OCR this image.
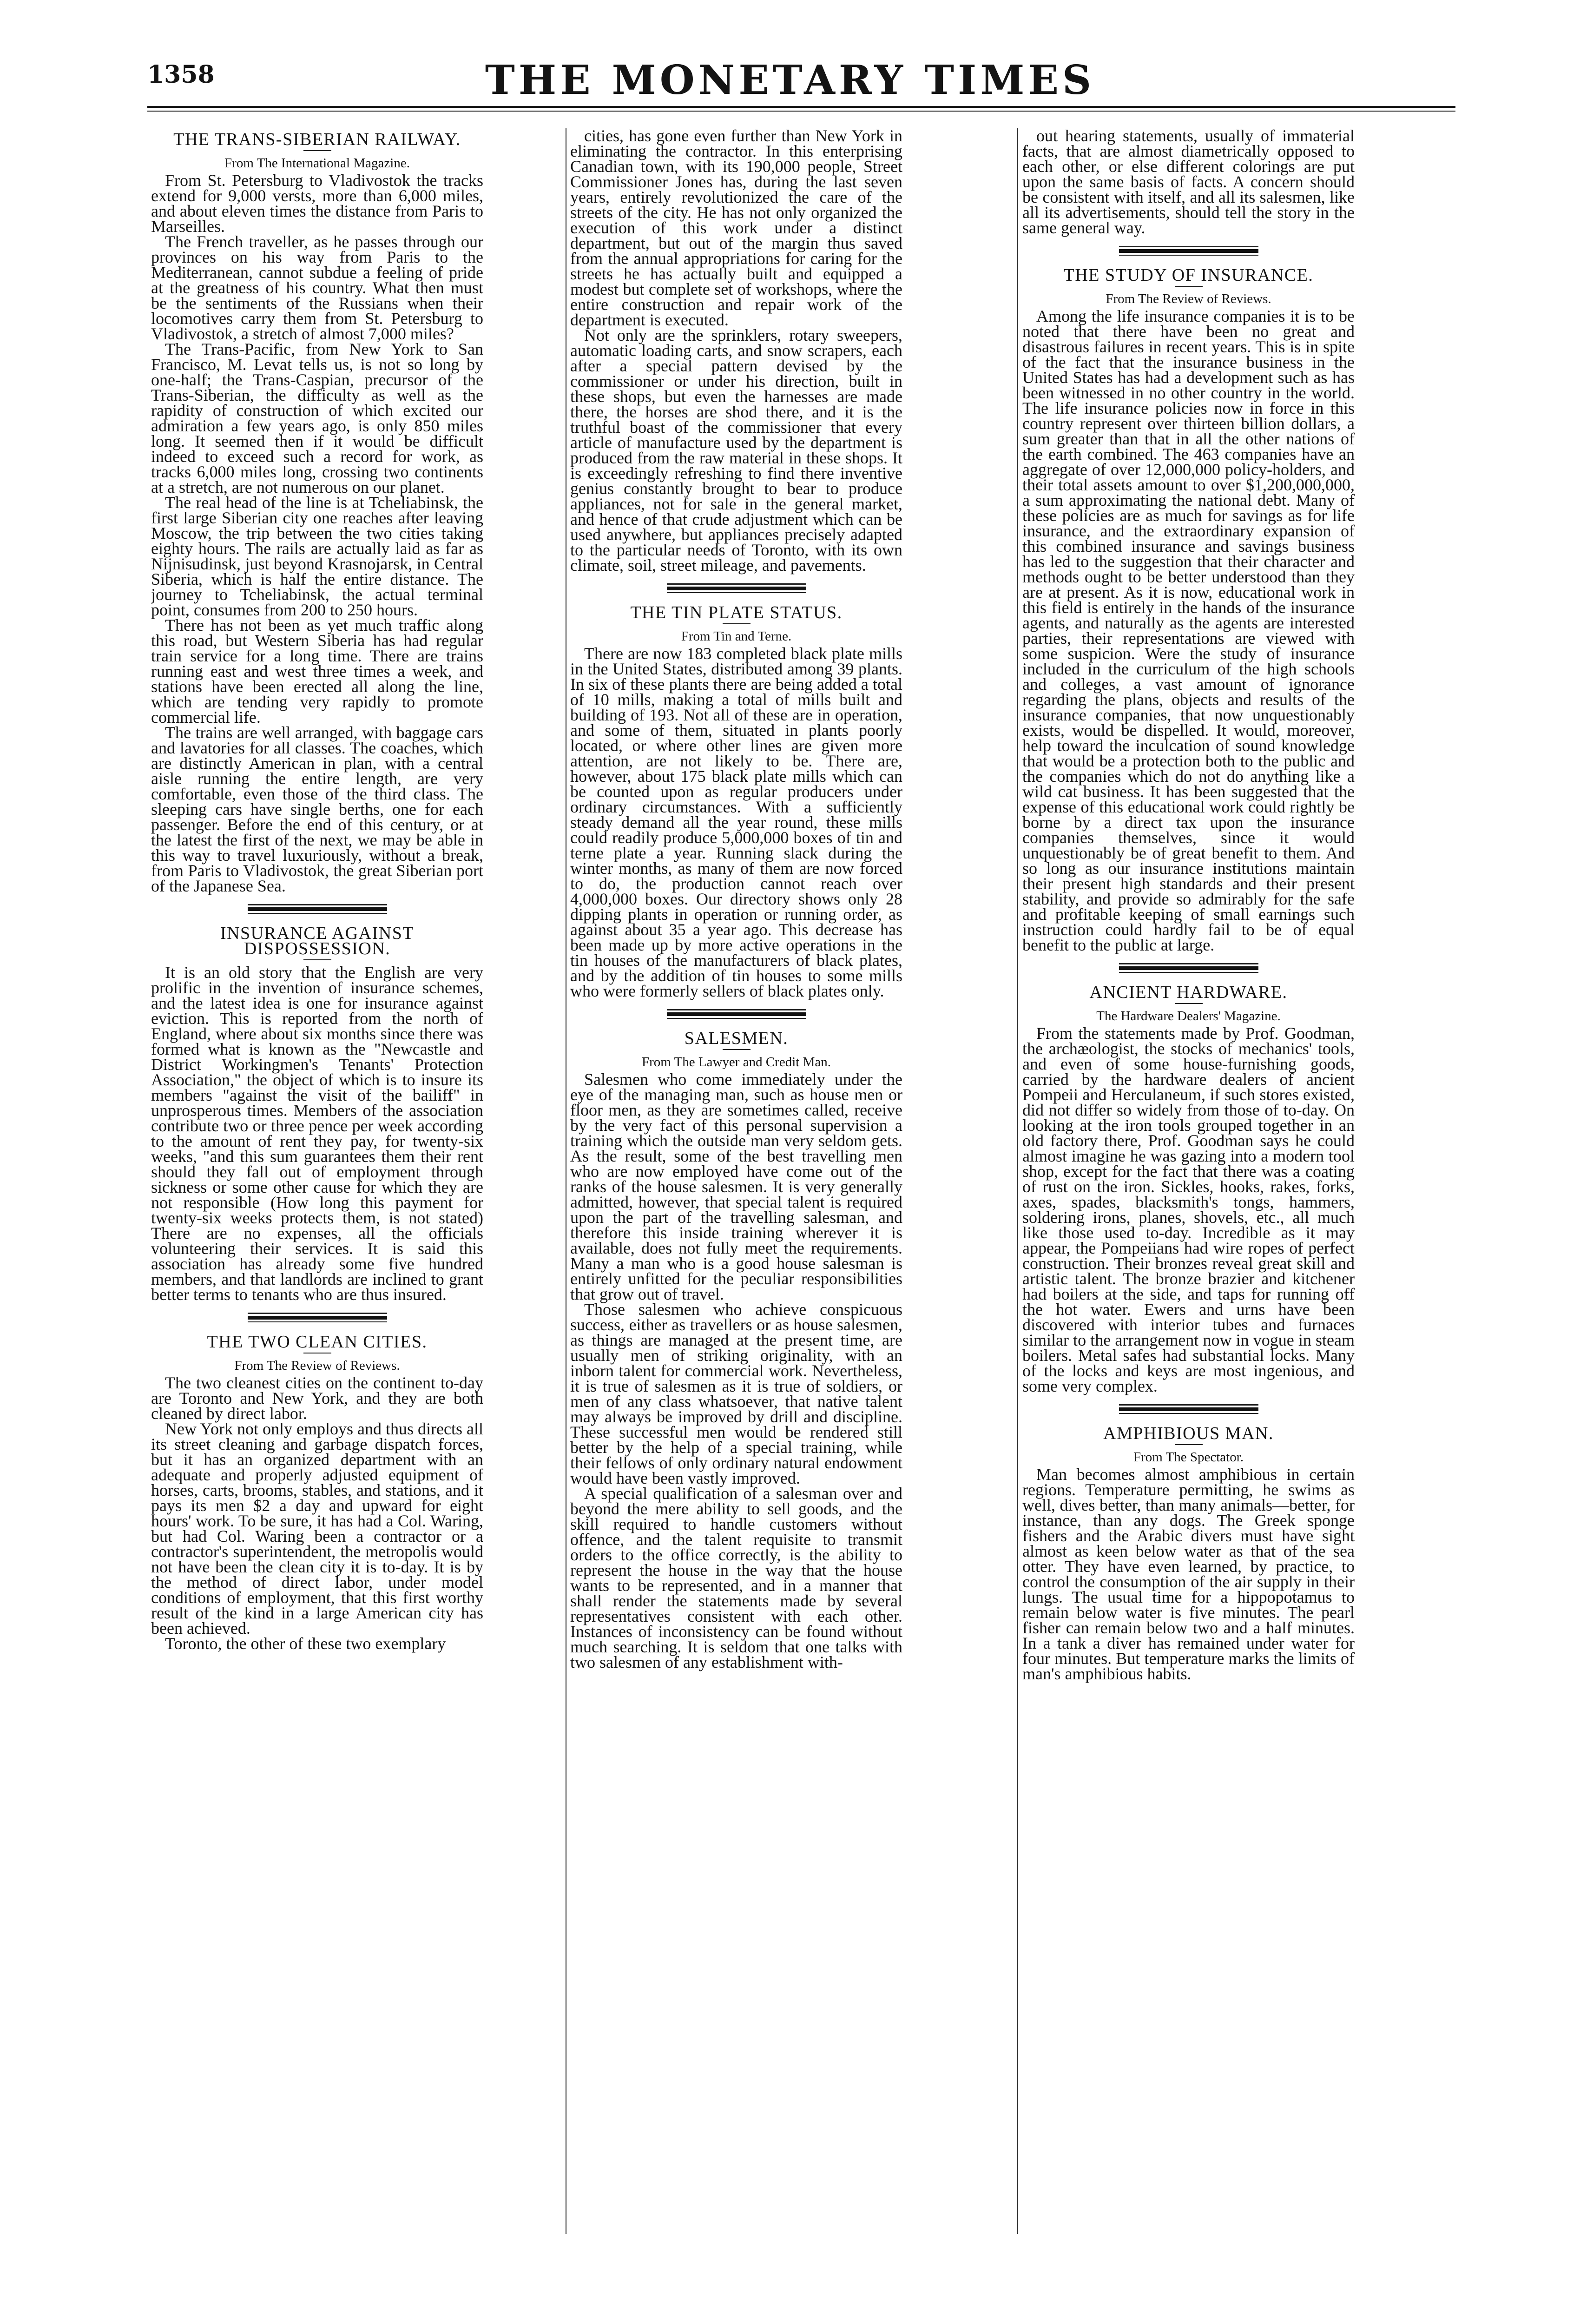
1358	THE MONETARY TIMES
THE TRANS-SIBERIAN RAILWAY.
From The International Magazine.

From St. Petersburg to Vladivostok the tracks extend for 9,000 versts, more than 6,000 miles, and about eleven times the distance from Paris to Marseilles.

The French traveller, as he passes through our provinces on his way from Paris to the Mediterranean, cannot subdue a feeling of pride at the greatness of his country. What then must be the sentiments of the Russians when their locomotives carry them from St. Petersburg to Vladivostok, a stretch of almost 7,000 miles?

The Trans-Pacific, from New York to San Francisco, M. Levat tells us, is not so long by one-half; the Trans-Caspian, precursor of the Trans-Siberian, the difficulty as well as the rapidity of construction of which excited our admiration a few years ago, is only 850 miles long. It seemed then if it would be difficult indeed to exceed such a record for work, as tracks 6,000 miles long, crossing two continents at a stretch, are not numerous on our planet.

The real head of the line is at Tcheliabinsk, the first large Siberian city one reaches after leaving Moscow, the trip between the two cities taking eighty hours. The rails are actually laid as far as Nijnisudinsk, just beyond Krasnojarsk, in Central Siberia, which is half the entire distance. The journey to Tcheliabinsk, the actual terminal point, consumes from 200 to 250 hours.

There has not been as yet much traffic along this road, but Western Siberia has had regular train service for a long time. There are trains running east and west three times a week, and stations have been erected all along the line, which are tending very rapidly to promote commercial life.

The trains are well arranged, with baggage cars and lavatories for all classes. The coaches, which are distinctly American in plan, with a central aisle running the entire length, are very comfortable, even those of the third class. The sleeping cars have single berths, one for each passenger. Before the end of this century, or at the latest the first of the next, we may be able in this way to travel luxuriously, without a break, from Paris to Vladivostok, the great Siberian port of the Japanese Sea.

INSURANCE AGAINST DISPOSSESSION.

It is an old story that the English are very prolific in the invention of insurance schemes, and the latest idea is one for insurance against eviction. This is reported from the north of England, where about six months since there was formed what is known as the "Newcastle and District Workingmen's Tenants' Protection Association," the object of which is to insure its members "against the visit of the bailiff" in unprosperous times. Members of the association contribute two or three pence per week according to the amount of rent they pay, for twenty-six weeks, "and this sum guarantees them their rent should they fall out of employment through sickness or some other cause for which they are not responsible (How long this payment for twenty-six weeks protects them, is not stated) There are no expenses, all the officials volunteering their services. It is said this association has already some five hundred members, and that landlords are inclined to grant better terms to tenants who are thus insured.

THE TWO CLEAN CITIES.
From The Review of Reviews.

The two cleanest cities on the continent to-day are Toronto and New York, and they are both cleaned by direct labor.

New York not only employs and thus directs all its street cleaning and garbage dispatch forces, but it has an organized department with an adequate and properly adjusted equipment of horses, carts, brooms, stables, and stations, and it pays its men $2 a day and upward for eight hours' work. To be sure, it has had a Col. Waring, but had Col. Waring been a contractor or a contractor's superintendent, the metropolis would not have been the clean city it is to-day. It is by the method of direct labor, under model conditions of employment, that this first worthy result of the kind in a large American city has been achieved.

Toronto, the other of these two exemplary

cities, has gone even further than New York in eliminating the contractor. In this enterprising Canadian town, with its 190,000 people, Street Commissioner Jones has, during the last seven years, entirely revolutionized the care of the streets of the city. He has not only organized the execution of this work under a distinct department, but out of the margin thus saved from the annual appropriations for caring for the streets he has actually built and equipped a modest but complete set of workshops, where the entire construction and repair work of the department is executed.

Not only are the sprinklers, rotary sweepers, automatic loading carts, and snow scrapers, each after a special pattern devised by the commissioner or under his direction, built in these shops, but even the harnesses are made there, the horses are shod there, and it is the truthful boast of the commissioner that every article of manufacture used by the department is produced from the raw material in these shops. It is exceedingly refreshing to find there inventive genius constantly brought to bear to produce appliances, not for sale in the general market, and hence of that crude adjustment which can be used anywhere, but appliances precisely adapted to the particular needs of Toronto, with its own climate, soil, street mileage, and pavements.

THE TIN PLATE STATUS.
From Tin and Terne.

There are now 183 completed black plate mills in the United States, distributed among 39 plants. In six of these plants there are being added a total of 10 mills, making a total of mills built and building of 193. Not all of these are in operation, and some of them, situated in plants poorly located, or where other lines are given more attention, are not likely to be. There are, however, about 175 black plate mills which can be counted upon as regular producers under ordinary circumstances. With a sufficiently steady demand all the year round, these mills could readily produce 5,000,000 boxes of tin and terne plate a year. Running slack during the winter months, as many of them are now forced to do, the production cannot reach over 4,000,000 boxes. Our directory shows only 28 dipping plants in operation or running order, as against about 35 a year ago. This decrease has been made up by more active operations in the tin houses of the manufacturers of black plates, and by the addition of tin houses to some mills who were formerly sellers of black plates only.

SALESMEN.
From The Lawyer and Credit Man.

Salesmen who come immediately under the eye of the managing man, such as house men or floor men, as they are sometimes called, receive by the very fact of this personal supervision a training which the outside man very seldom gets. As the result, some of the best travelling men who are now employed have come out of the ranks of the house salesmen. It is very generally admitted, however, that special talent is required upon the part of the travelling salesman, and therefore this inside training wherever it is available, does not fully meet the requirements. Many a man who is a good house salesman is entirely unfitted for the peculiar responsibilities that grow out of travel.

Those salesmen who achieve conspicuous success, either as travellers or as house salesmen, as things are managed at the present time, are usually men of striking originality, with an inborn talent for commercial work. Nevertheless, it is true of salesmen as it is true of soldiers, or men of any class whatsoever, that native talent may always be improved by drill and discipline. These successful men would be rendered still better by the help of a special training, while their fellows of only ordinary natural endowment would have been vastly improved.

A special qualification of a salesman over and beyond the mere ability to sell goods, and the skill required to handle customers without offence, and the talent requisite to transmit orders to the office correctly, is the ability to represent the house in the way that the house wants to be represented, and in a manner that shall render the statements made by several representatives consistent with each other. Instances of inconsistency can be found without much searching. It is seldom that one talks with two salesmen of any establishment with-

out hearing statements, usually of immaterial facts, that are almost diametrically opposed to each other, or else different colorings are put upon the same basis of facts. A concern should be consistent with itself, and all its salesmen, like all its advertisements, should tell the story in the same general way.

THE STUDY OF INSURANCE.
From The Review of Reviews.

Among the life insurance companies it is to be noted that there have been no great and disastrous failures in recent years. This is in spite of the fact that the insurance business in the United States has had a development such as has been witnessed in no other country in the world. The life insurance policies now in force in this country represent over thirteen billion dollars, a sum greater than that in all the other nations of the earth combined. The 463 companies have an aggregate of over 12,000,000 policy-holders, and their total assets amount to over $1,200,000,000, a sum approximating the national debt. Many of these policies are as much for savings as for life insurance, and the extraordinary expansion of this combined insurance and savings business has led to the suggestion that their character and methods ought to be better understood than they are at present. As it is now, educational work in this field is entirely in the hands of the insurance agents, and naturally as the agents are interested parties, their representations are viewed with some suspicion. Were the study of insurance included in the curriculum of the high schools and colleges, a vast amount of ignorance regarding the plans, objects and results of the insurance companies, that now unquestionably exists, would be dispelled. It would, moreover, help toward the inculcation of sound knowledge that would be a protection both to the public and the companies which do not do anything like a wild cat business. It has been suggested that the expense of this educational work could rightly be borne by a direct tax upon the insurance companies themselves, since it would unquestionably be of great benefit to them. And so long as our insurance institutions maintain their present high standards and their present stability, and provide so admirably for the safe and profitable keeping of small earnings such instruction could hardly fail to be of equal benefit to the public at large.

ANCIENT HARDWARE.
The Hardware Dealers' Magazine.

From the statements made by Prof. Goodman, the archæologist, the stocks of mechanics' tools, and even of some house-furnishing goods, carried by the hardware dealers of ancient Pompeii and Herculaneum, if such stores existed, did not differ so widely from those of to-day. On looking at the iron tools grouped together in an old factory there, Prof. Goodman says he could almost imagine he was gazing into a modern tool shop, except for the fact that there was a coating of rust on the iron. Sickles, hooks, rakes, forks, axes, spades, blacksmith's tongs, hammers, soldering irons, planes, shovels, etc., all much like those used to-day. Incredible as it may appear, the Pompeiians had wire ropes of perfect construction. Their bronzes reveal great skill and artistic talent. The bronze brazier and kitchener had boilers at the side, and taps for running off the hot water. Ewers and urns have been discovered with interior tubes and furnaces similar to the arrangement now in vogue in steam boilers. Metal safes had substantial locks. Many of the locks and keys are most ingenious, and some very complex.

AMPHIBIOUS MAN.
From The Spectator.

Man becomes almost amphibious in certain regions. Temperature permitting, he swims as well, dives better, than many animals—better, for instance, than any dogs. The Greek sponge fishers and the Arabic divers must have sight almost as keen below water as that of the sea otter. They have even learned, by practice, to control the consumption of the air supply in their lungs. The usual time for a hippopotamus to remain below water is five minutes. The pearl fisher can remain below two and a half minutes. In a tank a diver has remained under water for four minutes. But temperature marks the limits of man's amphibious habits.
